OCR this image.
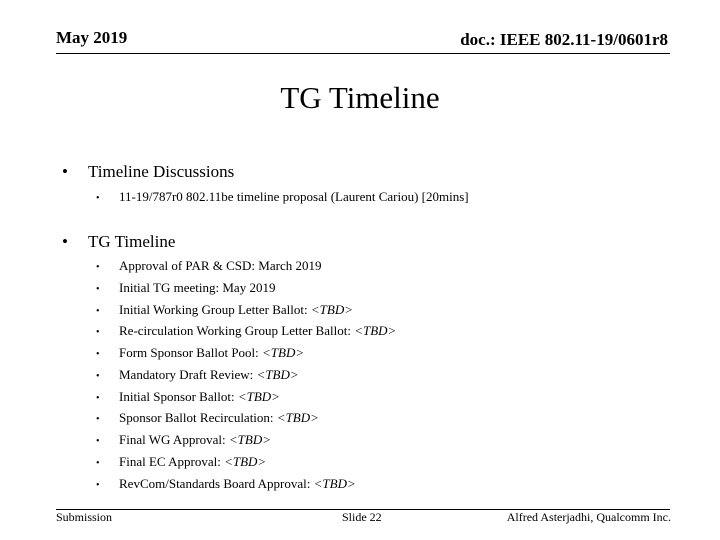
May 2019	doc.: IEEE 802.11-19/0601r8
TG Timeline
• Timeline Discussions
• 11-19/787r0 802.11be timeline proposal (Laurent Cariou) [20mins]
• TG Timeline
• Approval of PAR & CSD: March 2019
• Initial TG meeting: May 2019
• Initial Working Group Letter Ballot: <TBD>
• Re-circulation Working Group Letter Ballot: <TBD>
• Form Sponsor Ballot Pool: <TBD>
• Mandatory Draft Review: <TBD>
• Initial Sponsor Ballot: <TBD>
• Sponsor Ballot Recirculation: <TBD>
• Final WG Approval: <TBD>
• Final EC Approval: <TBD>
• RevCom/Standards Board Approval: <TBD>
Submission	Slide 22	Alfred Asterjadhi, Qualcomm Inc.
